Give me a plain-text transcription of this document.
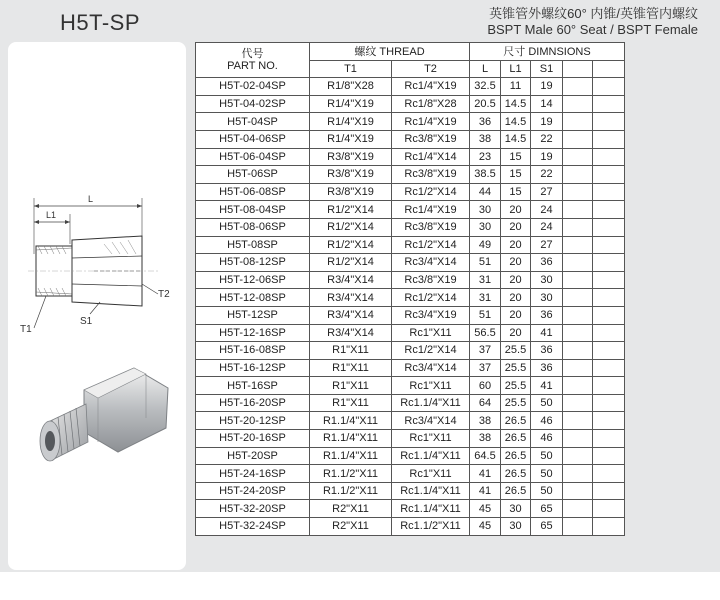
H5T-SP	英锥管外螺纹60° 内锥/英锥管内螺纹
BSPT Male 60° Seat / BSPT Female
L
L1
T2
S1
T1
代号
PART NO.	螺纹 THREAD		尺寸 DIMNSIONS				
	T1	T2	L	L1	S1		
H5T-02-04SP	R1/8"X28	Rc1/4"X19	32.5	11	19		
H5T-04-02SP	R1/4"X19	Rc1/8"X28	20.5	14.5	14		
H5T-04SP	R1/4"X19	Rc1/4"X19	36	14.5	19		
H5T-04-06SP	R1/4"X19	Rc3/8"X19	38	14.5	22		
H5T-06-04SP	R3/8"X19	Rc1/4"X14	23	15	19		
H5T-06SP	R3/8"X19	Rc3/8"X19	38.5	15	22		
H5T-06-08SP	R3/8"X19	Rc1/2"X14	44	15	27		
H5T-08-04SP	R1/2"X14	Rc1/4"X19	30	20	24		
H5T-08-06SP	R1/2"X14	Rc3/8"X19	30	20	24		
H5T-08SP	R1/2"X14	Rc1/2"X14	49	20	27		
H5T-08-12SP	R1/2"X14	Rc3/4"X14	51	20	36		
H5T-12-06SP	R3/4"X14	Rc3/8"X19	31	20	30		
H5T-12-08SP	R3/4"X14	Rc1/2"X14	31	20	30		
H5T-12SP	R3/4"X14	Rc3/4"X19	51	20	36		
H5T-12-16SP	R3/4"X14	Rc1"X11	56.5	20	41		
H5T-16-08SP	R1"X11	Rc1/2"X14	37	25.5	36		
H5T-16-12SP	R1"X11	Rc3/4"X14	37	25.5	36		
H5T-16SP	R1"X11	Rc1"X11	60	25.5	41		
H5T-16-20SP	R1"X11	Rc1.1/4"X11	64	25.5	50		
H5T-20-12SP	R1.1/4"X11	Rc3/4"X14	38	26.5	46		
H5T-20-16SP	R1.1/4"X11	Rc1"X11	38	26.5	46		
H5T-20SP	R1.1/4"X11	Rc1.1/4"X11	64.5	26.5	50		
H5T-24-16SP	R1.1/2"X11	Rc1"X11	41	26.5	50		
H5T-24-20SP	R1.1/2"X11	Rc1.1/4"X11	41	26.5	50		
H5T-32-20SP	R2"X11	Rc1.1/4"X11	45	30	65		
H5T-32-24SP	R2"X11	Rc1.1/2"X11	45	30	65		
